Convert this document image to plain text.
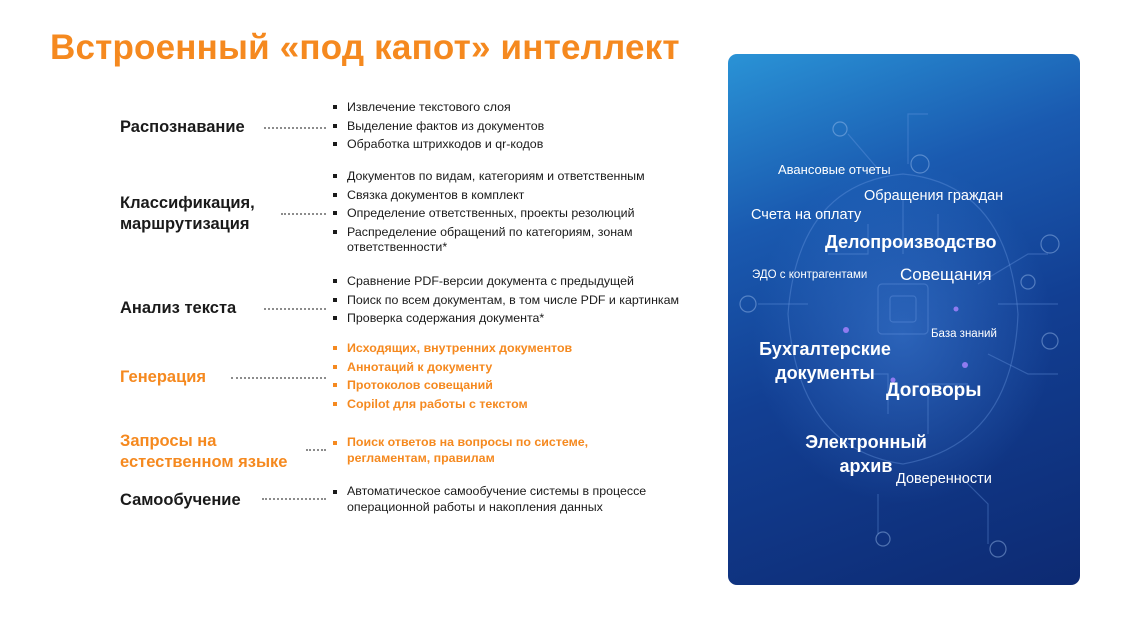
Встроенный «под капот» интеллект
Распознавание
Извлечение текстового слоя
Выделение фактов из документов
Обработка штрихкодов и qr-кодов
Классификация,
маршрутизация
Документов по видам, категориям и ответственным
Связка документов в комплект
Определение ответственных, проекты резолюций
Распределение обращений по категориям, зонам ответственности*
Анализ текста
Сравнение PDF-версии документа с предыдущей
Поиск по всем документам, в том числе PDF и картинкам
Проверка содержания документа*
Генерация
Исходящих, внутренних документов
Аннотаций к документу
Протоколов совещаний
Copilot для работы с текстом
Запросы на
естественном языке
Поиск ответов на вопросы по системе, регламентам, правилам
Самообучение	Автоматическое самообучение системы в процессе операционной работы и накопления данных
Авансовые отчеты
Обращения граждан
Счета на оплату
Делопроизводство
ЭДО с контрагентами Совещания
База знаний
Бухгалтерские
документы
Договоры
Электронный
архив
Доверенности
